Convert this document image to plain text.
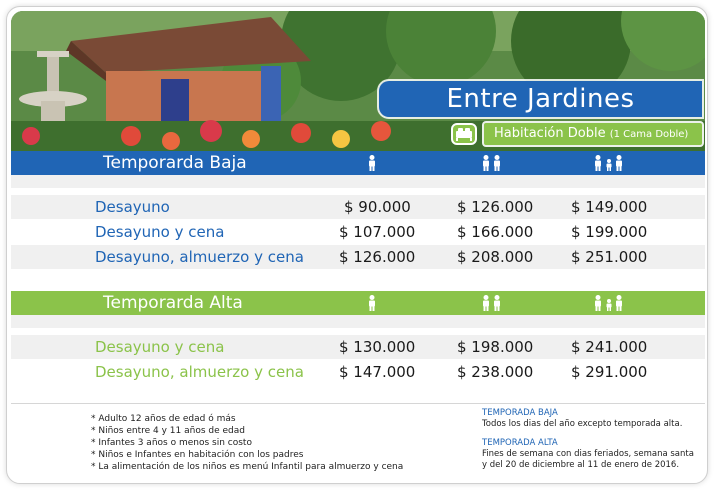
Entre Jardines
Habitación Doble (1 Cama Doble)
Temporarda Baja
Desayuno	$ 90.000	$ 126.000	$ 149.000
Desayuno y cena	$ 107.000	$ 166.000	$ 199.000
Desayuno, almuerzo y cena $ 126.000	$ 208.000	$ 251.000
Temporarda Alta
Desayuno y cena	$ 130.000	$ 198.000	$ 241.000
Desayuno, almuerzo y cena $ 147.000	$ 238.000	$ 291.000
* Adulto 12 años de edad ó más
* Niños entre 4 y 11 años de edad
* Infantes 3 años o menos sin costo
* Niños e Infantes en habitación con los padres
* La alimentación de los niños es menú Infantil para almuerzo y cena
TEMPORADA BAJA
Todos los dias del año excepto temporada alta.
TEMPORADA ALTA
Fines de semana con dias feriados, semana santa
y del 20 de diciembre al 11 de enero de 2016.
